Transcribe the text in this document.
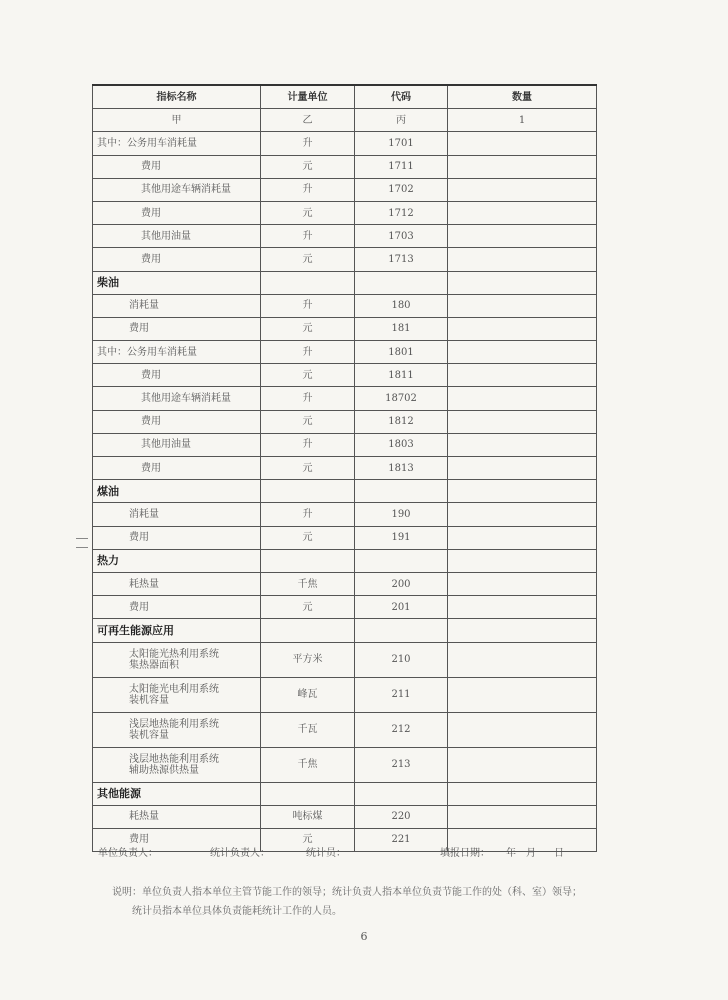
指标名称	计量单位	代码	数量
甲	乙	丙	1

其中：公务用车消耗量	升	1701	

费用	元	1711	

其他用途车辆消耗量	升	1702	

费用	元	1712	

其他用油量	升	1703	

费用	元	1713	

柴油			

消耗量	升	180	

费用	元	181	

其中：公务用车消耗量	升	1801	

费用	元	1811	

其他用途车辆消耗量	升	18702	

费用	元	1812	

其他用油量	升	1803	

费用	元	1813	

煤油			

消耗量	升	190	

费用	元	191	

热力			

耗热量	千焦	200	

费用	元	201	

可再生能源应用			

太阳能光热利用系统
集热器面积	平方米	210	

太阳能光电利用系统
装机容量	峰瓦	211	

浅层地热能利用系统
装机容量	千瓦	212	

浅层地热能利用系统
辅助热源供热量	千焦	213	

其他能源			

耗热量	吨标煤	220	

费用	元	221	
单位负责人：	统计负责人：	统计员：	填报日期： 年 月 日
说明：单位负责人指本单位主管节能工作的领导；统计负责人指本单位负责节能工作的处（科、室）领导；
统计员指本单位具体负责能耗统计工作的人员。
6
